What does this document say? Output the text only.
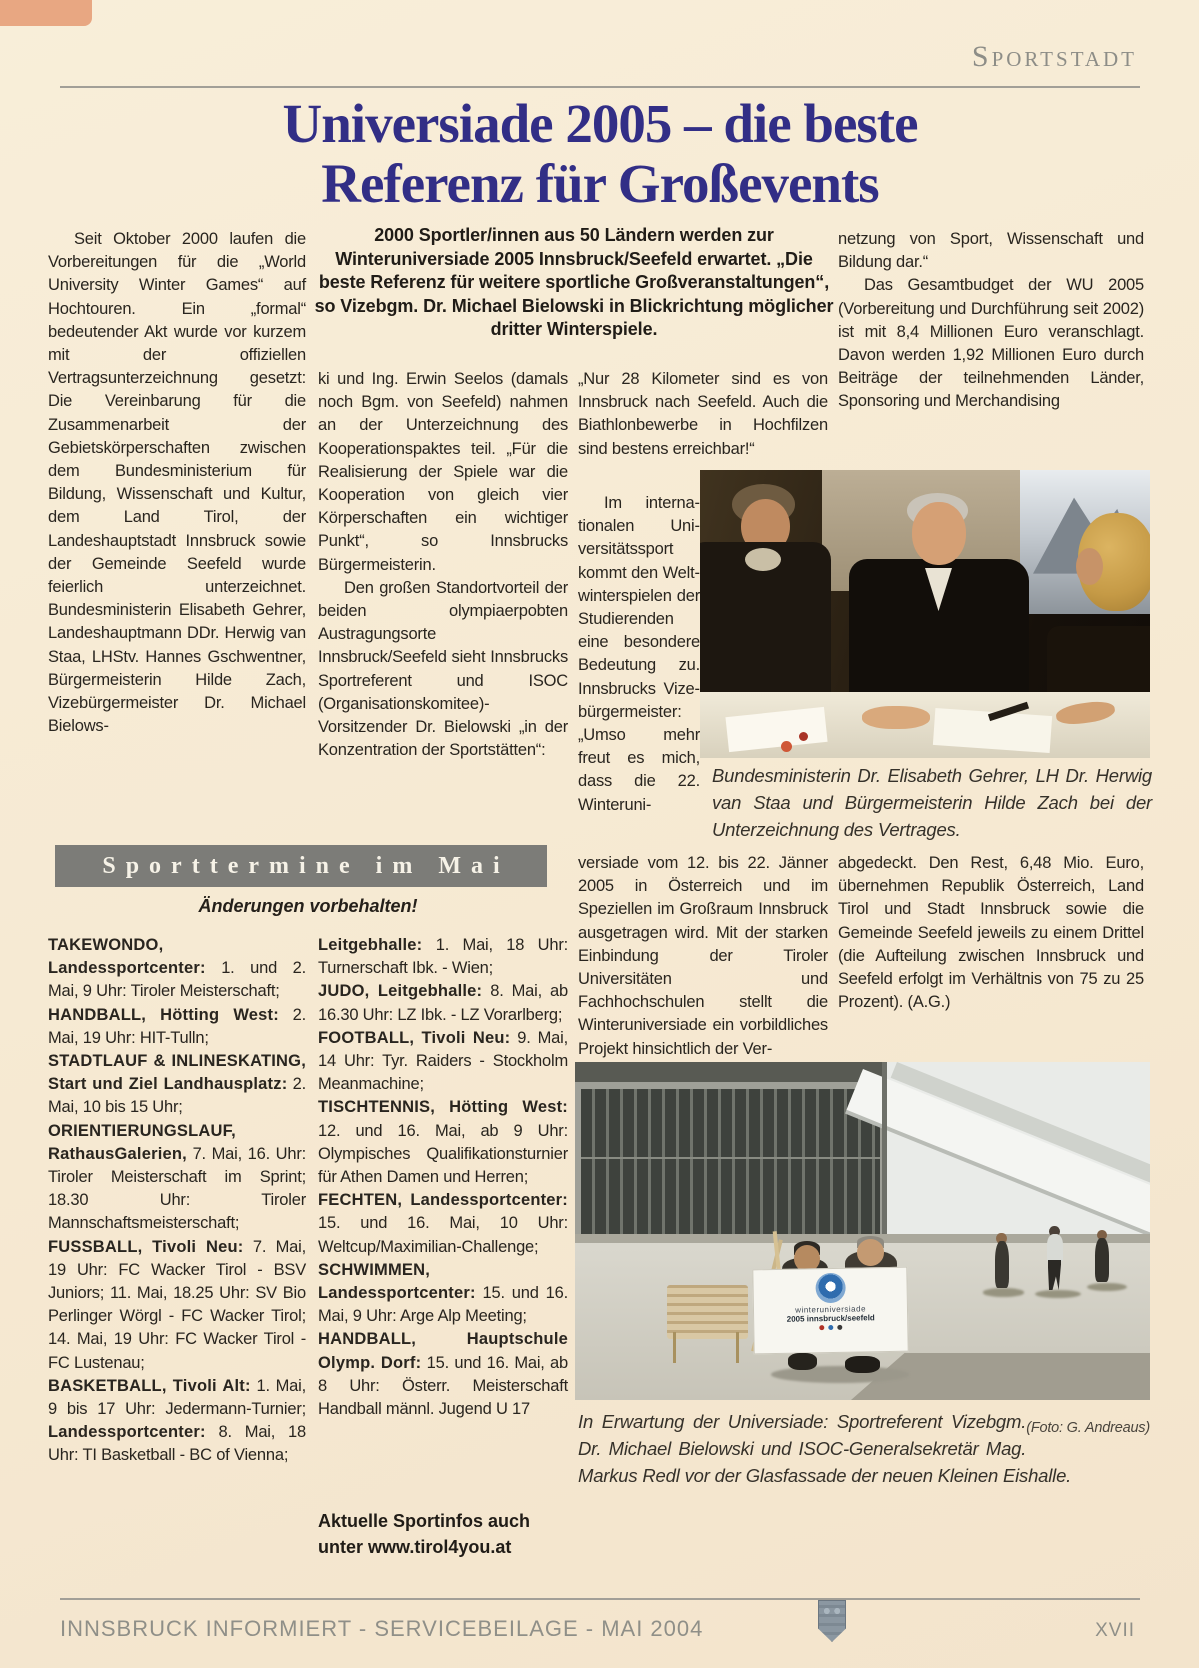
Sportstadt
Universiade 2005 – die beste
Referenz für Großevents

Seit Oktober 2000 laufen die Vorbereitungen für die „World University Winter Games“ auf Hochtouren. Ein „formal“ bedeutender Akt wurde vor kurzem mit der offiziellen Vertragsunterzeichnung gesetzt: Die Vereinbarung für die Zusammenarbeit der Gebietskörperschaften zwischen dem Bundesministerium für Bildung, Wissenschaft und Kultur, dem Land Tirol, der Landeshauptstadt Innsbruck sowie der Gemeinde Seefeld wurde feierlich unterzeichnet. Bundesministerin Elisabeth Gehrer, Landeshauptmann DDr. Herwig van Staa, LHStv. Hannes Gschwentner, Bürgermeisterin Hilde Zach, Vizebürgermeister Dr. Michael Bielows-

2000 Sportler/innen aus 50 Ländern werden zur Winteruniversiade 2005 Innsbruck/Seefeld erwartet. „Die beste Referenz für weitere sportliche Großveranstaltungen“, so Vizebgm. Dr. Michael Bielowski in Blickrichtung möglicher dritter Winterspiele.

ki und Ing. Erwin Seelos (damals noch Bgm. von Seefeld) nahmen an der Unterzeichnung des Kooperationspaktes teil. „Für die Realisierung der Spiele war die Kooperation von gleich vier Körperschaften ein wichtiger Punkt“, so Innsbrucks Bürgermeisterin.

Den großen Standortvorteil der beiden olympiaerpobten Austragungsorte Innsbruck/Seefeld sieht Innsbrucks Sportreferent und ISOC (Organisationskomitee)-Vorsitzender Dr. Bielowski „in der Konzentration der Sportstätten“:

„Nur 28 Kilometer sind es von Innsbruck nach Seefeld. Auch die Biathlonbewerbe in Hochfilzen sind bestens erreichbar!“

Im internationalen Universitätssport kommt den Weltwinterspielen der Studierenden eine besondere Bedeutung zu. Innsbrucks Vizebürgermeister: „Umso mehr freut es mich, dass die 22. Winteruni-

versiade vom 12. bis 22. Jänner 2005 in Österreich und im Speziellen im Großraum Innsbruck ausgetragen wird. Mit der starken Einbindung der Tiroler Universitäten und Fachhochschulen stellt die Winteruniversiade ein vorbildliches Projekt hinsichtlich der Ver-

netzung von Sport, Wissenschaft und Bildung dar.“

Das Gesamtbudget der WU 2005 (Vorbereitung und Durchführung seit 2002) ist mit 8,4 Millionen Euro veranschlagt. Davon werden 1,92 Millionen Euro durch Beiträge der teilnehmenden Länder, Sponsoring und Merchandising

abgedeckt. Den Rest, 6,48 Mio. Euro, übernehmen Republik Österreich, Land Tirol und Stadt Innsbruck sowie die Gemeinde Seefeld jeweils zu einem Drittel (die Aufteilung zwischen Innsbruck und Seefeld erfolgt im Verhältnis von 75 zu 25 Prozent). (A.G.)

Bundesministerin Dr. Elisabeth Gehrer, LH Dr. Herwig van Staa und Bürgermeisterin Hilde Zach bei der Unterzeichnung des Vertrages.

Sporttermine im Mai

Änderungen vorbehalten!

TAKEWONDO, Landessportcenter: 1. und 2. Mai, 9 Uhr: Tiroler Meisterschaft;

HANDBALL, Hötting West: 2. Mai, 19 Uhr: HIT-Tulln;

STADTLAUF & INLINESKATING, Start und Ziel Landhausplatz: 2. Mai, 10 bis 15 Uhr;

ORIENTIERUNGSLAUF, RathausGalerien, 7. Mai, 16. Uhr: Tiroler Meisterschaft im Sprint; 18.30 Uhr: Tiroler Mannschaftsmeisterschaft;

FUSSBALL, Tivoli Neu: 7. Mai, 19 Uhr: FC Wacker Tirol - BSV Juniors; 11. Mai, 18.25 Uhr: SV Bio Perlinger Wörgl - FC Wacker Tirol; 14. Mai, 19 Uhr: FC Wacker Tirol - FC Lustenau;

BASKETBALL, Tivoli Alt: 1. Mai, 9 bis 17 Uhr: Jedermann-Turnier; Landessportcenter: 8. Mai, 18 Uhr: TI Basketball - BC of Vienna;

Leitgebhalle: 1. Mai, 18 Uhr: Turnerschaft Ibk. - Wien;

JUDO, Leitgebhalle: 8. Mai, ab 16.30 Uhr: LZ Ibk. - LZ Vorarlberg;

FOOTBALL, Tivoli Neu: 9. Mai, 14 Uhr: Tyr. Raiders - Stockholm Meanmachine;

TISCHTENNIS, Hötting West: 12. und 16. Mai, ab 9 Uhr: Olympisches Qualifikationsturnier für Athen Damen und Herren;

FECHTEN, Landessportcenter: 15. und 16. Mai, 10 Uhr: Weltcup/Maximilian-Challenge;

SCHWIMMEN, Landessportcenter: 15. und 16. Mai, 9 Uhr: Arge Alp Meeting;

HANDBALL, Hauptschule Olymp. Dorf: 15. und 16. Mai, ab 8 Uhr: Österr. Meisterschaft Handball männl. Jugend U 17

Aktuelle Sportinfos auch unter www.tirol4you.at

winteruniversiade
2005 innsbruck/seefeld

(Foto: G. Andreaus)
In Erwartung der Universiade: Sportreferent Vizebgm. Dr. Michael Bielowski und ISOC-Generalsekretär Mag. Markus Redl vor der Glasfassade der neuen Kleinen Eishalle.

INNSBRUCK INFORMIERT - SERVICEBEILAGE - MAI 2004	XVII
